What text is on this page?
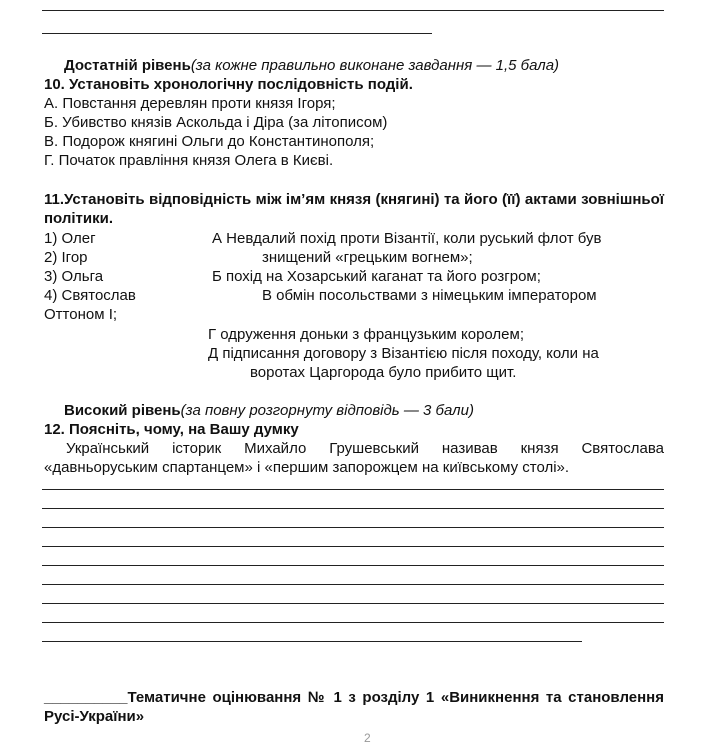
Достатній рівень(за кожне правильно виконане завдання — 1,5 бала)
10. Установіть хронологічну послідовність подій.
А. Повстання деревлян проти князя Ігоря;
Б. Убивство князів Аскольда і Діра (за літописом)
В. Подорож княгині Ольги до Константинополя;
Г. Початок правління князя Олега в Києві.
11.Установіть відповідність між ім’ям князя (княгині) та його (її) актами зовнішньої політики.
1) Олег
2) Ігор
3) Ольга
4) Святослав
Оттоном І;
А Невдалий похід проти Візантії, коли руський флот був
знищений «грецьким вогнем»;
Б похід на Хозарський каганат та його розгром;
В обмін посольствами з німецьким імператором
Г одруження доньки з французьким королем;
Д підписання договору з Візантією після походу, коли на
воротах Царгорода було прибито щит.
Високий рівень(за повну розгорнуту відповідь — 3 бали)
12. Поясніть, чому, на Вашу думку
Український історик Михайло Грушевський називав князя Святослава «давньоруським спартанцем» і «першим запорожцем на київському столі».
__________Тематичне оцінювання № 1 з розділу 1 «Виникнення та становлення Русі-України»
2
